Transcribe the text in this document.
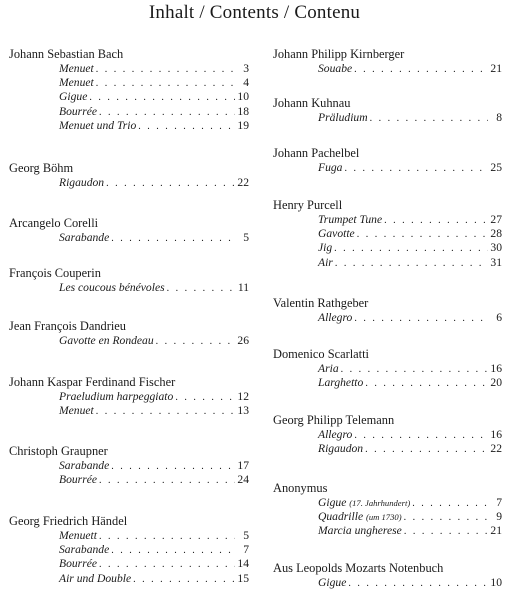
Inhalt / Contents / Contenu
Johann Sebastian Bach
Menuet . . .	3
Menuet . . .	4
Gigue . . .	10
Bourrée . . .	18
Menuet und Trio . . .	19
Georg Böhm
Rigaudon . . .	22
Arcangelo Corelli
Sarabande . . .	5
François Couperin
Les coucous bénévoles . . .	11
Jean François Dandrieu
Gavotte en Rondeau . . .	26
Johann Kaspar Ferdinand Fischer
Praeludium harpeggiato . . .	12
Menuet . . .	13
Christoph Graupner
Sarabande . . .	17
Bourrée . . .	24
Georg Friedrich Händel
Menuett . . .	5
Sarabande . . .	7
Bourrée . . .	14
Air und Double . . .	15
Johann Philipp Kirnberger
Souabe . . .	21
Johann Kuhnau
Präludium . . .	8
Johann Pachelbel
Fuga . . .	25
Henry Purcell
Trumpet Tune . . .	27
Gavotte . . .	28
Jig . . .	30
Air . . .	31
Valentin Rathgeber
Allegro . . .	6
Domenico Scarlatti
Aria . . .	16
Larghetto . . .	20
Georg Philipp Telemann
Allegro . . .	16
Rigaudon . . .	22
Anonymus
Gigue (17. Jahrhundert) . . .	7
Quadrille (um 1730) . . .	9
Marcia ungherese . . .	21
Aus Leopolds Mozarts Notenbuch
Gigue . . .	10
